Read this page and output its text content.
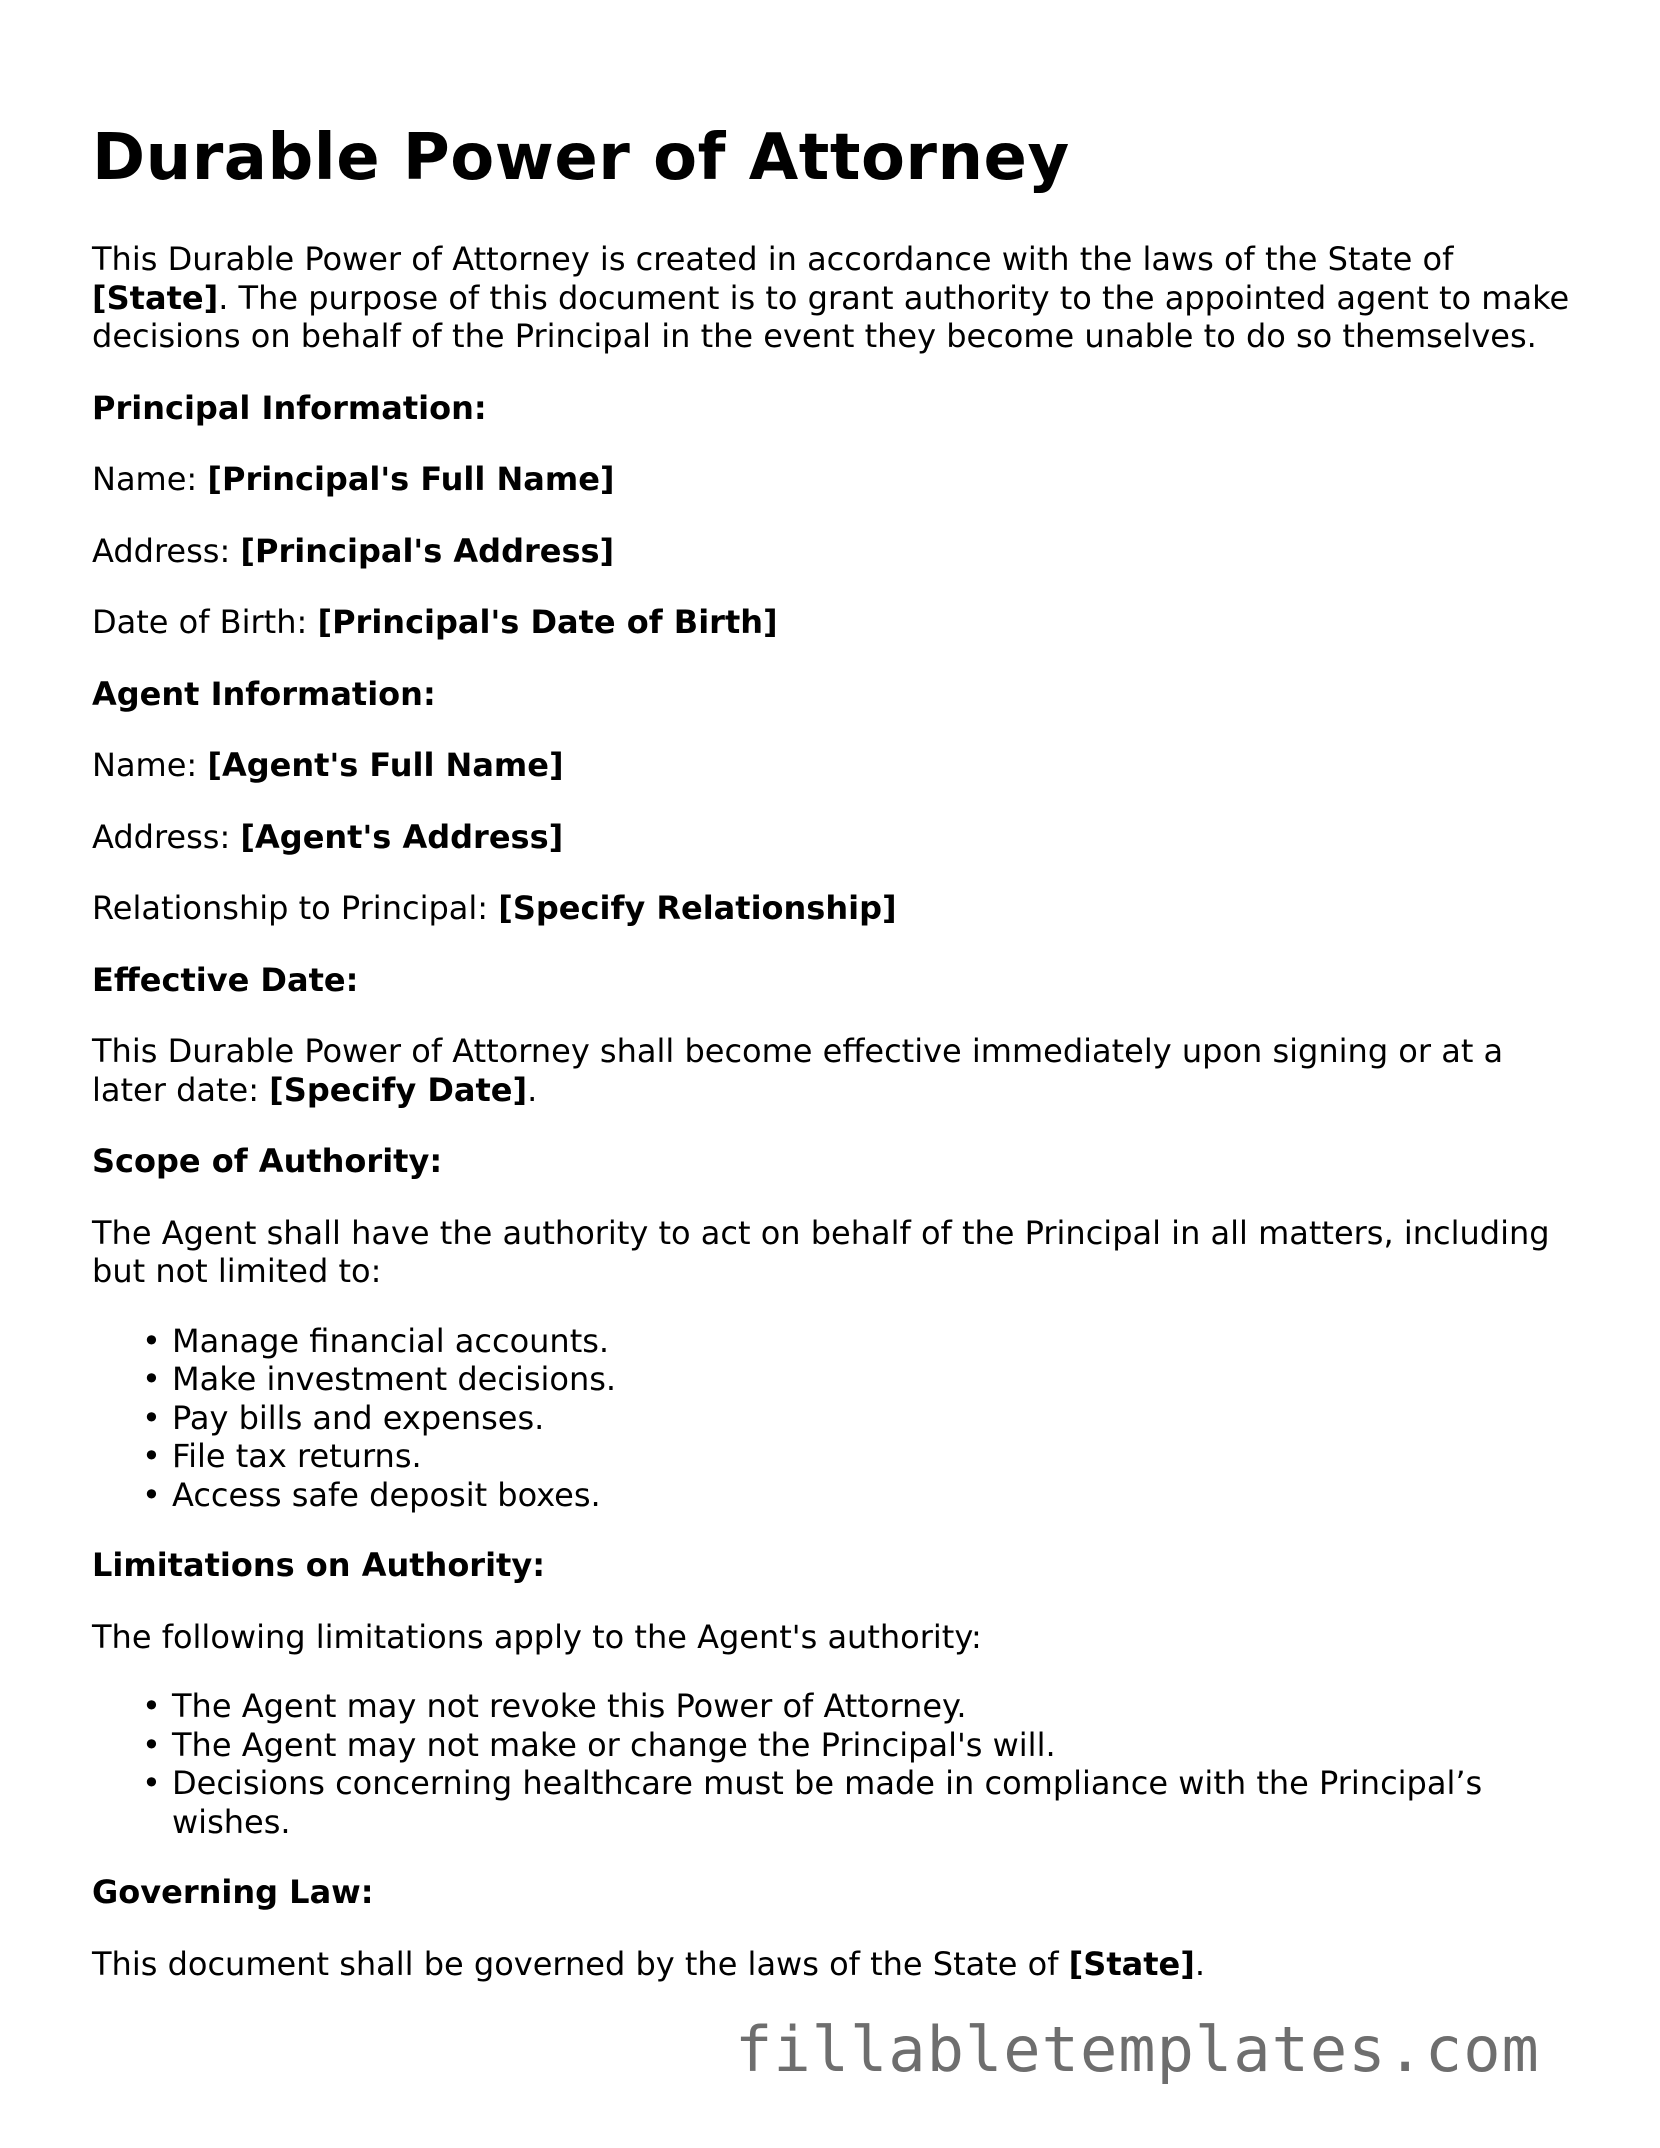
Durable Power of Attorney

This Durable Power of Attorney is created in accordance with the laws of the State of [State]. The purpose of this document is to grant authority to the appointed agent to make decisions on behalf of the Principal in the event they become unable to do so themselves.

Principal Information:

Name: [Principal's Full Name]

Address: [Principal's Address]

Date of Birth: [Principal's Date of Birth]

Agent Information:

Name: [Agent's Full Name]

Address: [Agent's Address]

Relationship to Principal: [Specify Relationship]

Effective Date:

This Durable Power of Attorney shall become effective immediately upon signing or at a later date: [Specify Date].

Scope of Authority:

The Agent shall have the authority to act on behalf of the Principal in all matters, including but not limited to:

• Manage financial accounts.
• Make investment decisions.
• Pay bills and expenses.
• File tax returns.
• Access safe deposit boxes.

Limitations on Authority:

The following limitations apply to the Agent's authority:

• The Agent may not revoke this Power of Attorney.
• The Agent may not make or change the Principal's will.
• Decisions concerning healthcare must be made in compliance with the Principal’s wishes.

Governing Law:

This document shall be governed by the laws of the State of [State].

fillabletemplates.com
